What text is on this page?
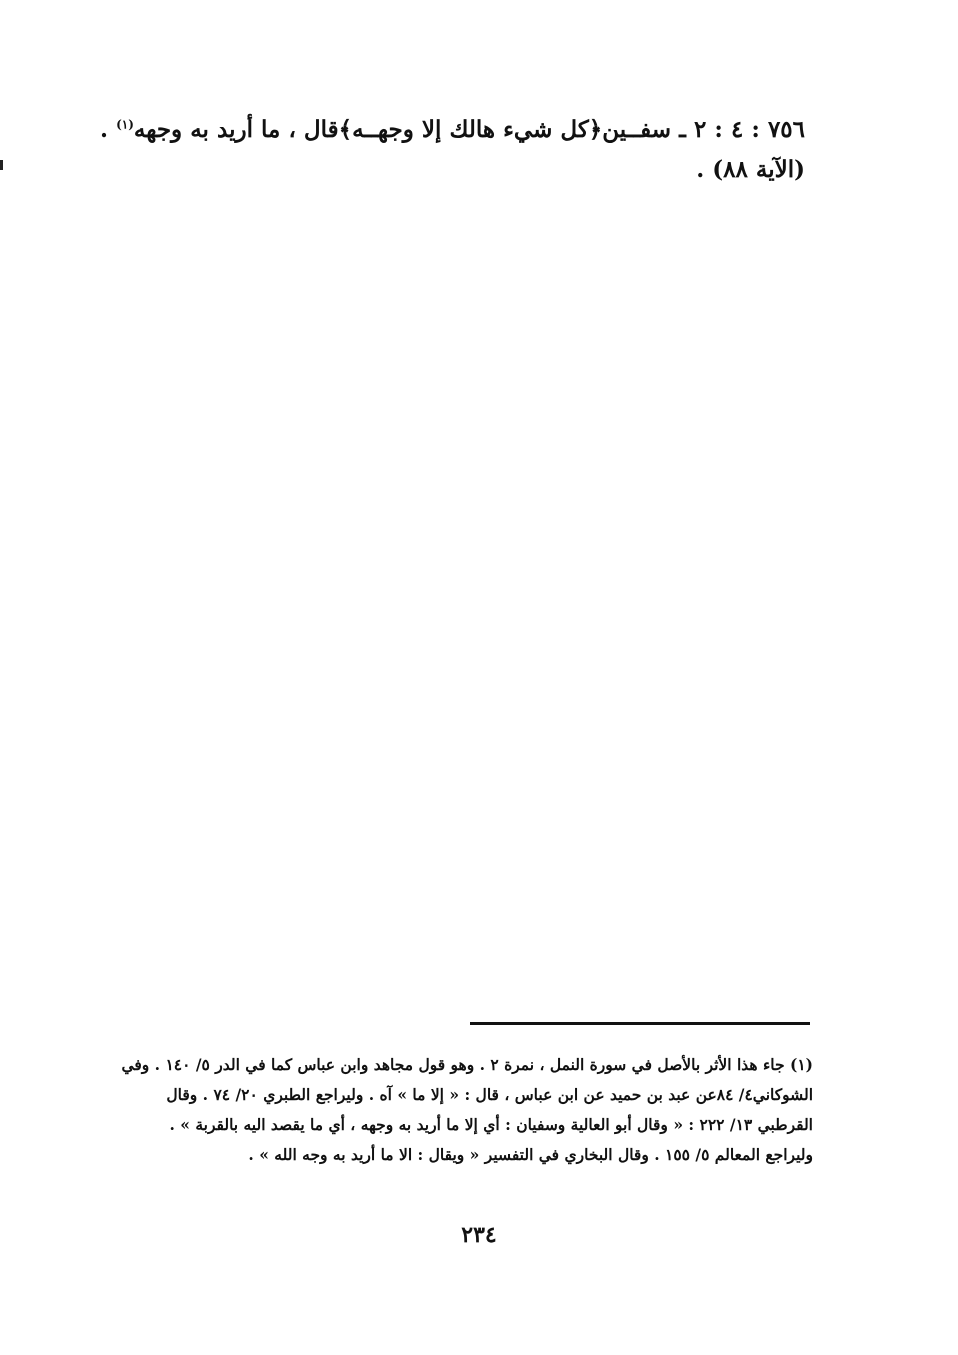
٧٥٦ : ٤ : ٢ ـ سفــين﴿كل شيء هالك إلا وجهــه﴾قال ، ما أريد به وجهه$^{(١)}$ . (الآية ٨٨) .
(١) جاء هذا الأثر بالأصل في سورة النمل ، نمرة ٢ . وهو قول مجاهد وابن عباس كما في الدر ٥/ ١٤٠ . وفي
الشوكاني٤/ ٨٤عن عبد بن حميد عن ابن عباس ، قال : « إلا ما » آه . وليراجع الطبري ٢٠/ ٧٤ . وقال
القرطبي ١٣/ ٢٢٢ : « وقال أبو العالية وسفيان : أي إلا ما أريد به وجهه ، أي ما يقصد اليه بالقربة » .
وليراجع المعالم ٥/ ١٥٥ . وقال البخاري في التفسير « ويقال : الا ما أريد به وجه الله » .
٢٣٤
